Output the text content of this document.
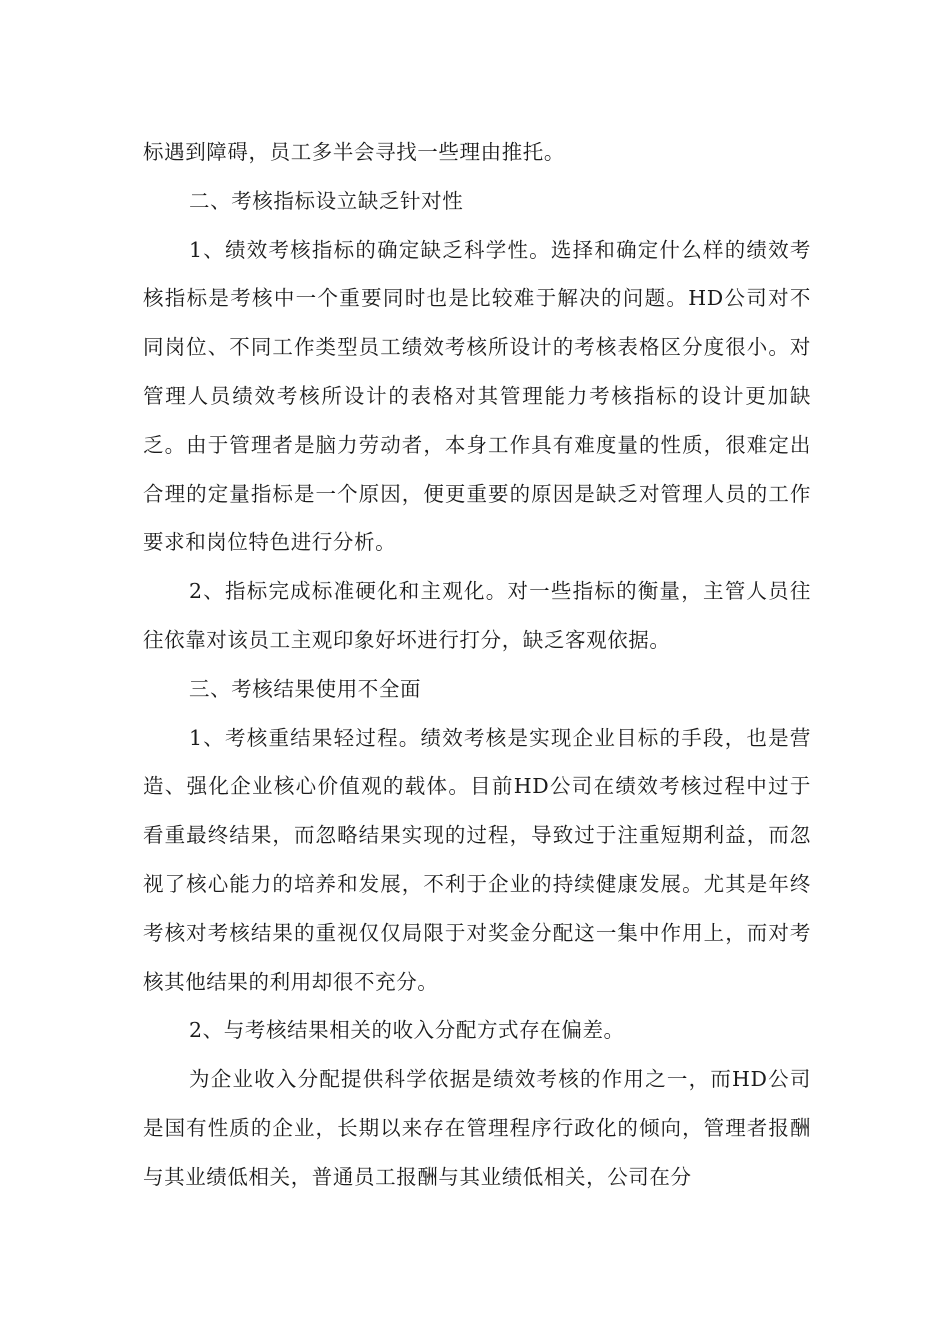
标遇到障碍，员工多半会寻找一些理由推托。

二、考核指标设立缺乏针对性

1、绩效考核指标的确定缺乏科学性。选择和确定什么样的绩效考核指标是考核中一个重要同时也是比较难于解决的问题。HD公司对不同岗位、不同工作类型员工绩效考核所设计的考核表格区分度很小。对管理人员绩效考核所设计的表格对其管理能力考核指标的设计更加缺乏。由于管理者是脑力劳动者，本身工作具有难度量的性质，很难定出合理的定量指标是一个原因，便更重要的原因是缺乏对管理人员的工作要求和岗位特色进行分析。

2、指标完成标准硬化和主观化。对一些指标的衡量，主管人员往往依靠对该员工主观印象好坏进行打分，缺乏客观依据。

三、考核结果使用不全面

1、考核重结果轻过程。绩效考核是实现企业目标的手段，也是营造、强化企业核心价值观的载体。目前HD公司在绩效考核过程中过于看重最终结果，而忽略结果实现的过程，导致过于注重短期利益，而忽视了核心能力的培养和发展，不利于企业的持续健康发展。尤其是年终考核对考核结果的重视仅仅局限于对奖金分配这一集中作用上，而对考核其他结果的利用却很不充分。

2、与考核结果相关的收入分配方式存在偏差。

为企业收入分配提供科学依据是绩效考核的作用之一，而HD公司是国有性质的企业，长期以来存在管理程序行政化的倾向，管理者报酬与其业绩低相关，普通员工报酬与其业绩低相关，公司在分
